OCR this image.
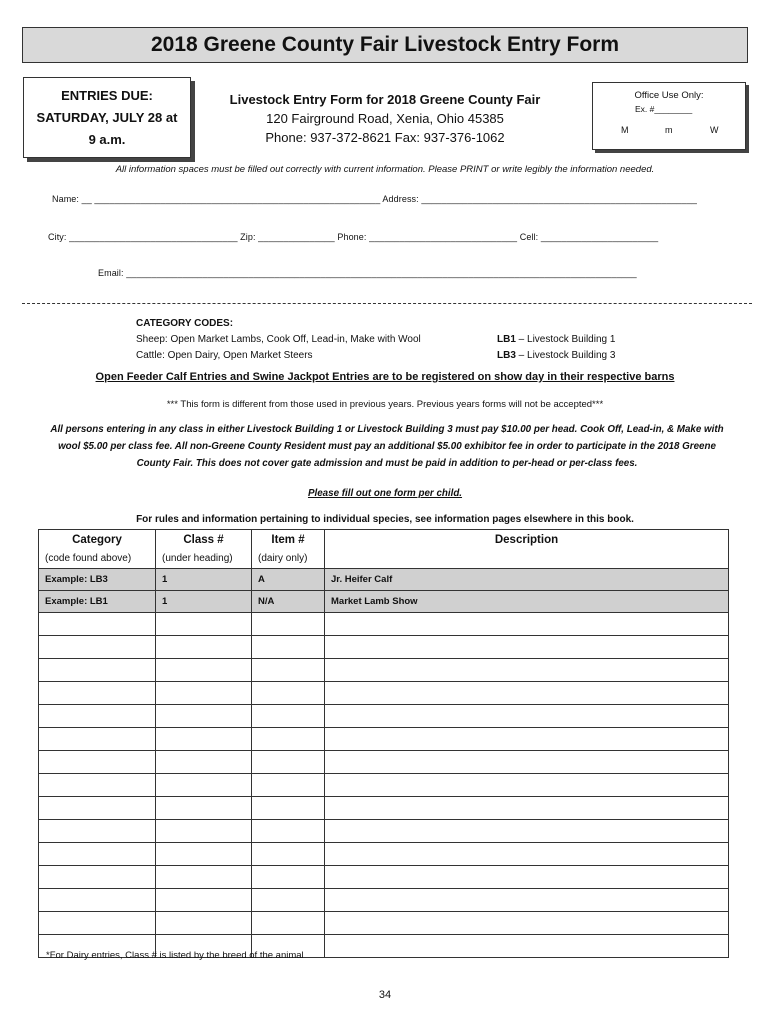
2018 Greene County Fair Livestock Entry Form
ENTRIES DUE:
SATURDAY, JULY 28 at
9 a.m.
Livestock Entry Form for 2018 Greene County Fair
120 Fairground Road, Xenia, Ohio 45385
Phone: 937-372-8621 Fax: 937-376-1062
Office Use Only:
Ex. #________
M	m	W
All information spaces must be filled out correctly with current information. Please PRINT or write legibly the information needed.
Name: __ ________________________________________________________ Address: ______________________________________________________
City: _________________________________ Zip: _______________ Phone: _____________________________ Cell: _______________________
Email: ____________________________________________________________________________________________________
CATEGORY CODES:
Sheep: Open Market Lambs, Cook Off, Lead-in, Make with Wool
Cattle: Open Dairy, Open Market Steers
LB1 – Livestock Building 1
LB3 – Livestock Building 3
Open Feeder Calf Entries and Swine Jackpot Entries are to be registered on show day in their respective barns
*** This form is different from those used in previous years. Previous years forms will not be accepted***
All persons entering in any class in either Livestock Building 1 or Livestock Building 3 must pay $10.00 per head. Cook Off, Lead-in, & Make with wool $5.00 per class fee. All non-Greene County Resident must pay an additional $5.00 exhibitor fee in order to participate in the 2018 Greene County Fair. This does not cover gate admission and must be paid in addition to per-head or per-class fees.
Please fill out one form per child.
For rules and information pertaining to individual species, see information pages elsewhere in this book.
Category	Class #	Item #	Description
(code found above)	(under heading)	(dairy only)	
Example: LB3	1	A	Jr. Heifer Calf
Example: LB1	1	N/A	Market Lamb Show

*For Dairy entries, Class # is listed by the breed of the animal
34
